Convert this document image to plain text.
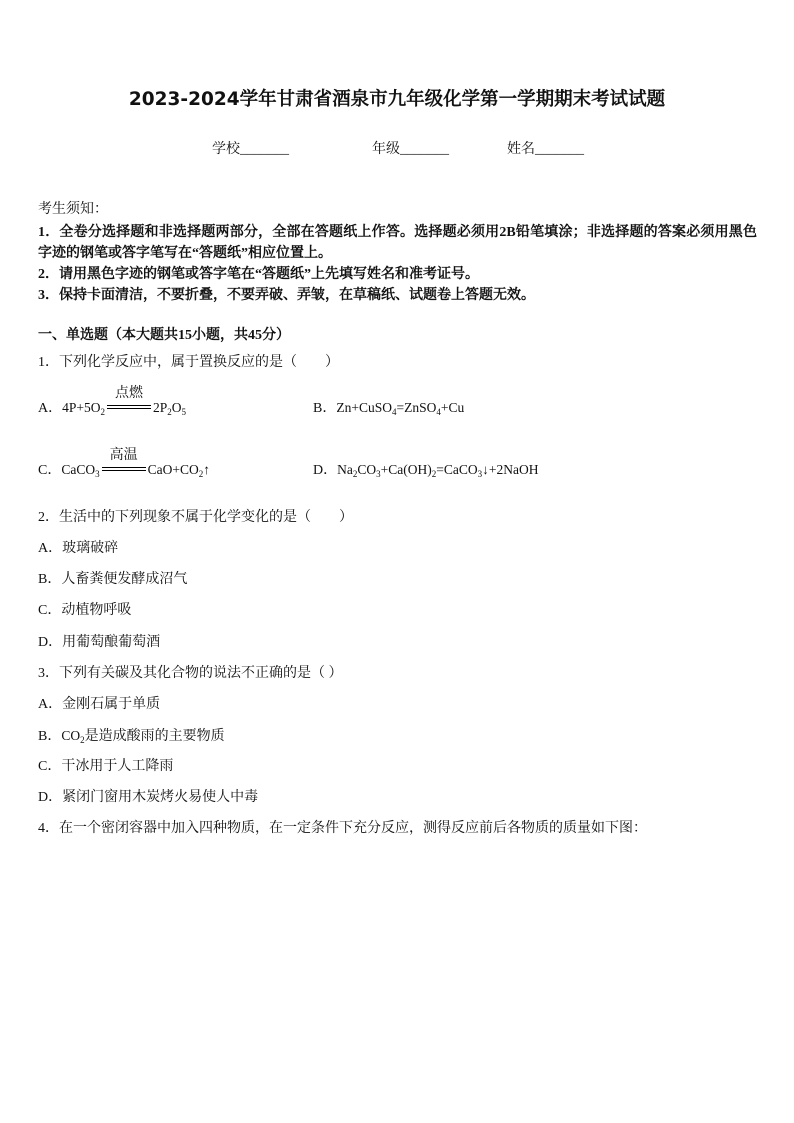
2023-2024学年甘肃省酒泉市九年级化学第一学期期末考试试题
学校_______	年级_______	姓名_______
考生须知：
1．全卷分选择题和非选择题两部分，全部在答题纸上作答。选择题必须用2B铅笔填涂；非选择题的答案必须用黑色字迹的钢笔或答字笔写在“答题纸”相应位置上。
2．请用黑色字迹的钢笔或答字笔在“答题纸”上先填写姓名和准考证号。
3．保持卡面清洁，不要折叠，不要弄破、弄皱，在草稿纸、试题卷上答题无效。
一、单选题（本大题共15小题，共45分）
1．下列化学反应中，属于置换反应的是（　　）
A．$4P+5O_2$
点燃
$2P_2O_5$	B．Zn+CuSO$_4$=ZnSO$_4$+Cu
C．CaCO$_3$
高温
$CaO+CO_2↑$	D．$Na_2CO_3+Ca(OH)_2=CaCO_3↓+2NaOH$
2．生活中的下列现象不属于化学变化的是（　　）
A．玻璃破碎
B．人畜粪便发酵成沼气
C．动植物呼吸
D．用葡萄酿葡萄酒
3．下列有关碳及其化合物的说法不正确的是（ ）
A．金刚石属于单质
B．$CO_2$是造成酸雨的主要物质
C．干冰用于人工降雨
D．紧闭门窗用木炭烤火易使人中毒
4．在一个密闭容器中加入四种物质，在一定条件下充分反应，测得反应前后各物质的质量如下图：
